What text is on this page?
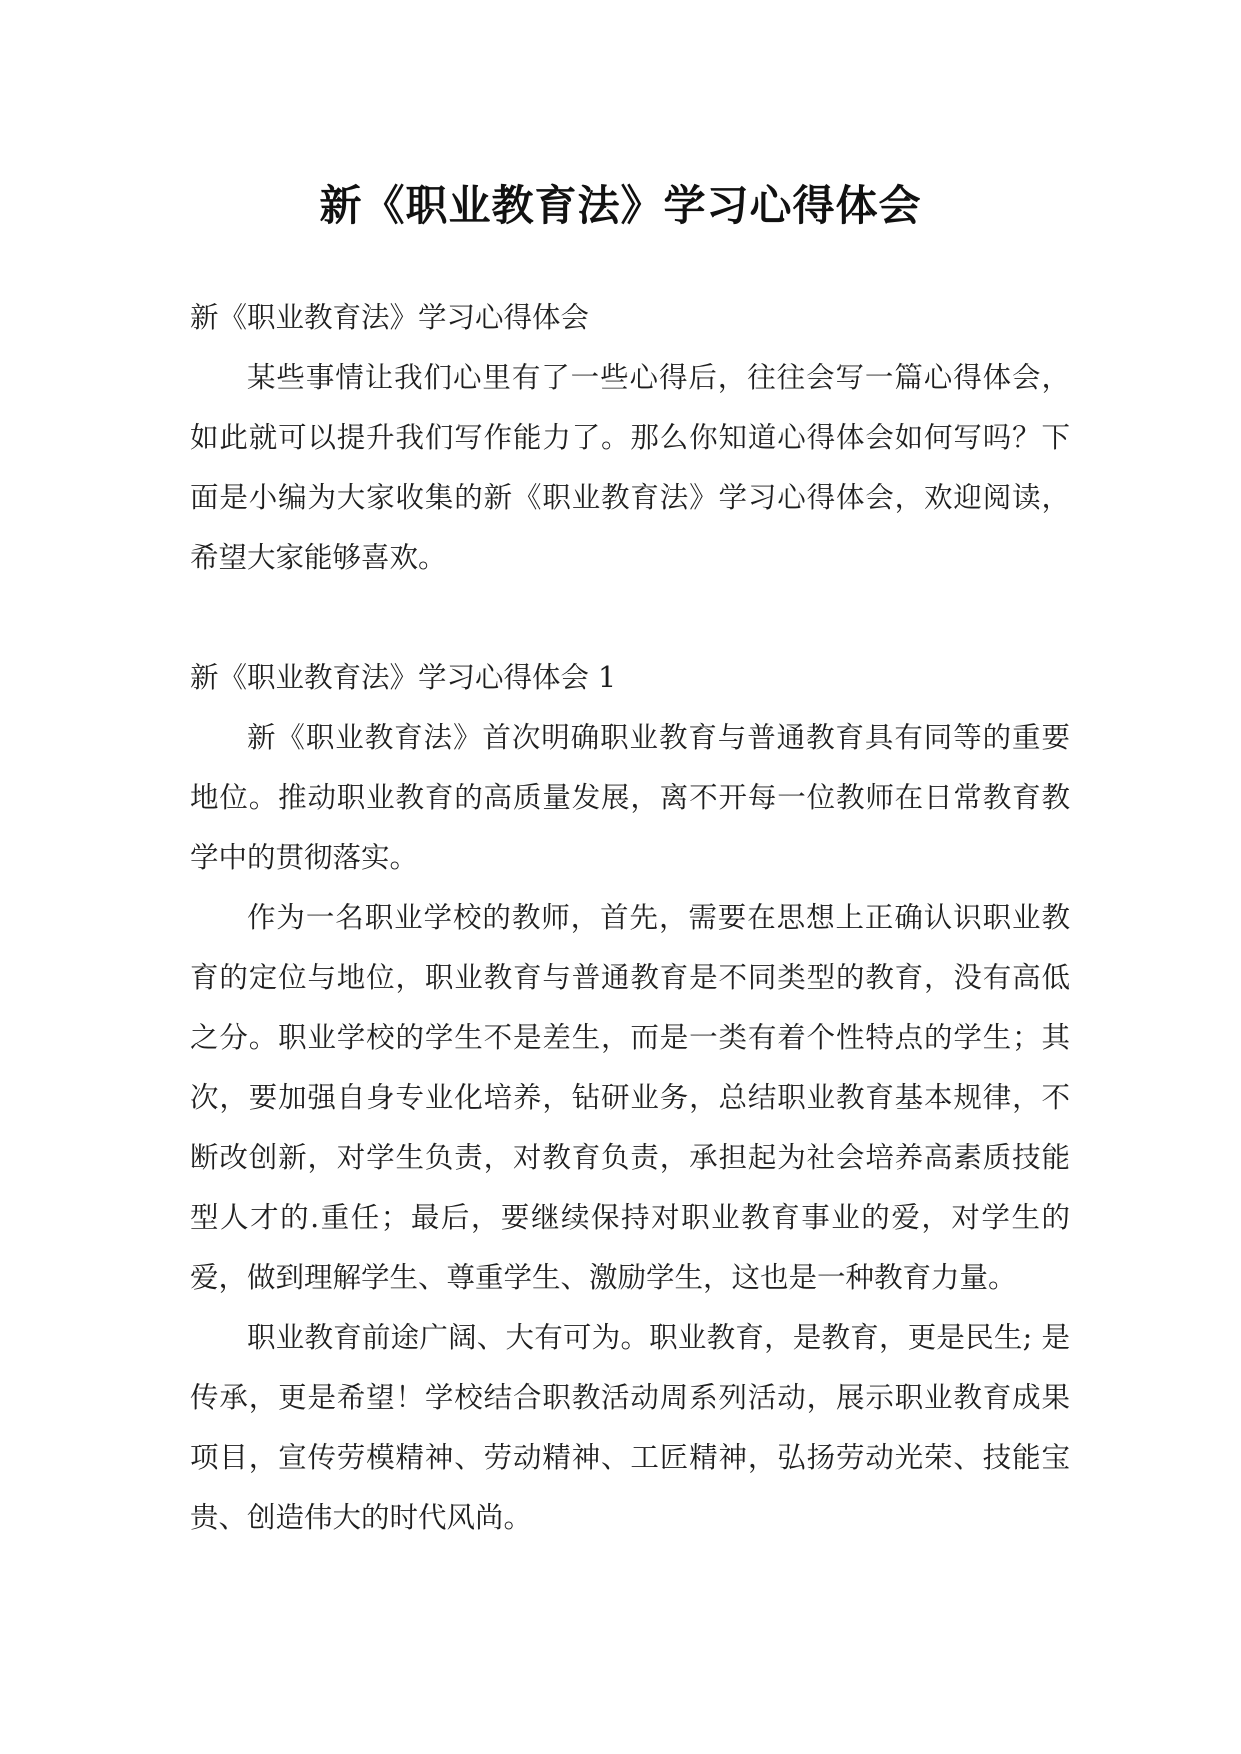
新《职业教育法》学习心得体会

新《职业教育法》学习心得体会

某些事情让我们心里有了一些心得后，往往会写一篇心得体会，如此就可以提升我们写作能力了。那么你知道心得体会如何写吗？下面是小编为大家收集的新《职业教育法》学习心得体会，欢迎阅读，希望大家能够喜欢。

新《职业教育法》学习心得体会 1

新《职业教育法》首次明确职业教育与普通教育具有同等的重要地位。推动职业教育的高质量发展，离不开每一位教师在日常教育教学中的贯彻落实。

作为一名职业学校的教师，首先，需要在思想上正确认识职业教育的定位与地位，职业教育与普通教育是不同类型的教育，没有高低之分。职业学校的学生不是差生，而是一类有着个性特点的学生；其次，要加强自身专业化培养，钻研业务，总结职业教育基本规律，不断改创新，对学生负责，对教育负责，承担起为社会培养高素质技能型人才的.重任；最后，要继续保持对职业教育事业的爱，对学生的爱，做到理解学生、尊重学生、激励学生，这也是一种教育力量。

职业教育前途广阔、大有可为。职业教育，是教育，更是民生; 是传承，更是希望！学校结合职教活动周系列活动，展示职业教育成果项目，宣传劳模精神、劳动精神、工匠精神，弘扬劳动光荣、技能宝贵、创造伟大的时代风尚。
